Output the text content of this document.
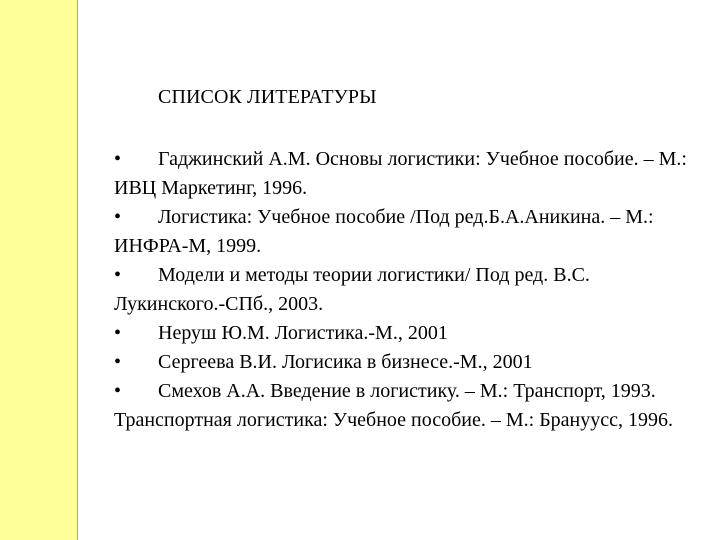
СПИСОК ЛИТЕРАТУРЫ
• Гаджинский А.М. Основы логистики: Учебное пособие. – М.: ИВЦ Маркетинг, 1996.
• Логистика: Учебное пособие /Под ред.Б.А.Аникина. – М.: ИНФРА-М, 1999.
• Модели и методы теории логистики/ Под ред. В.С. Лукинского.-СПб., 2003.
• Неруш Ю.М. Логистика.-М., 2001
• Сергеева В.И. Логисика в бизнесе.-М., 2001
• Смехов А.А. Введение в логистику. – М.: Транспорт, 1993. Транспортная логистика: Учебное пособие. – М.: Брануусс, 1996.
